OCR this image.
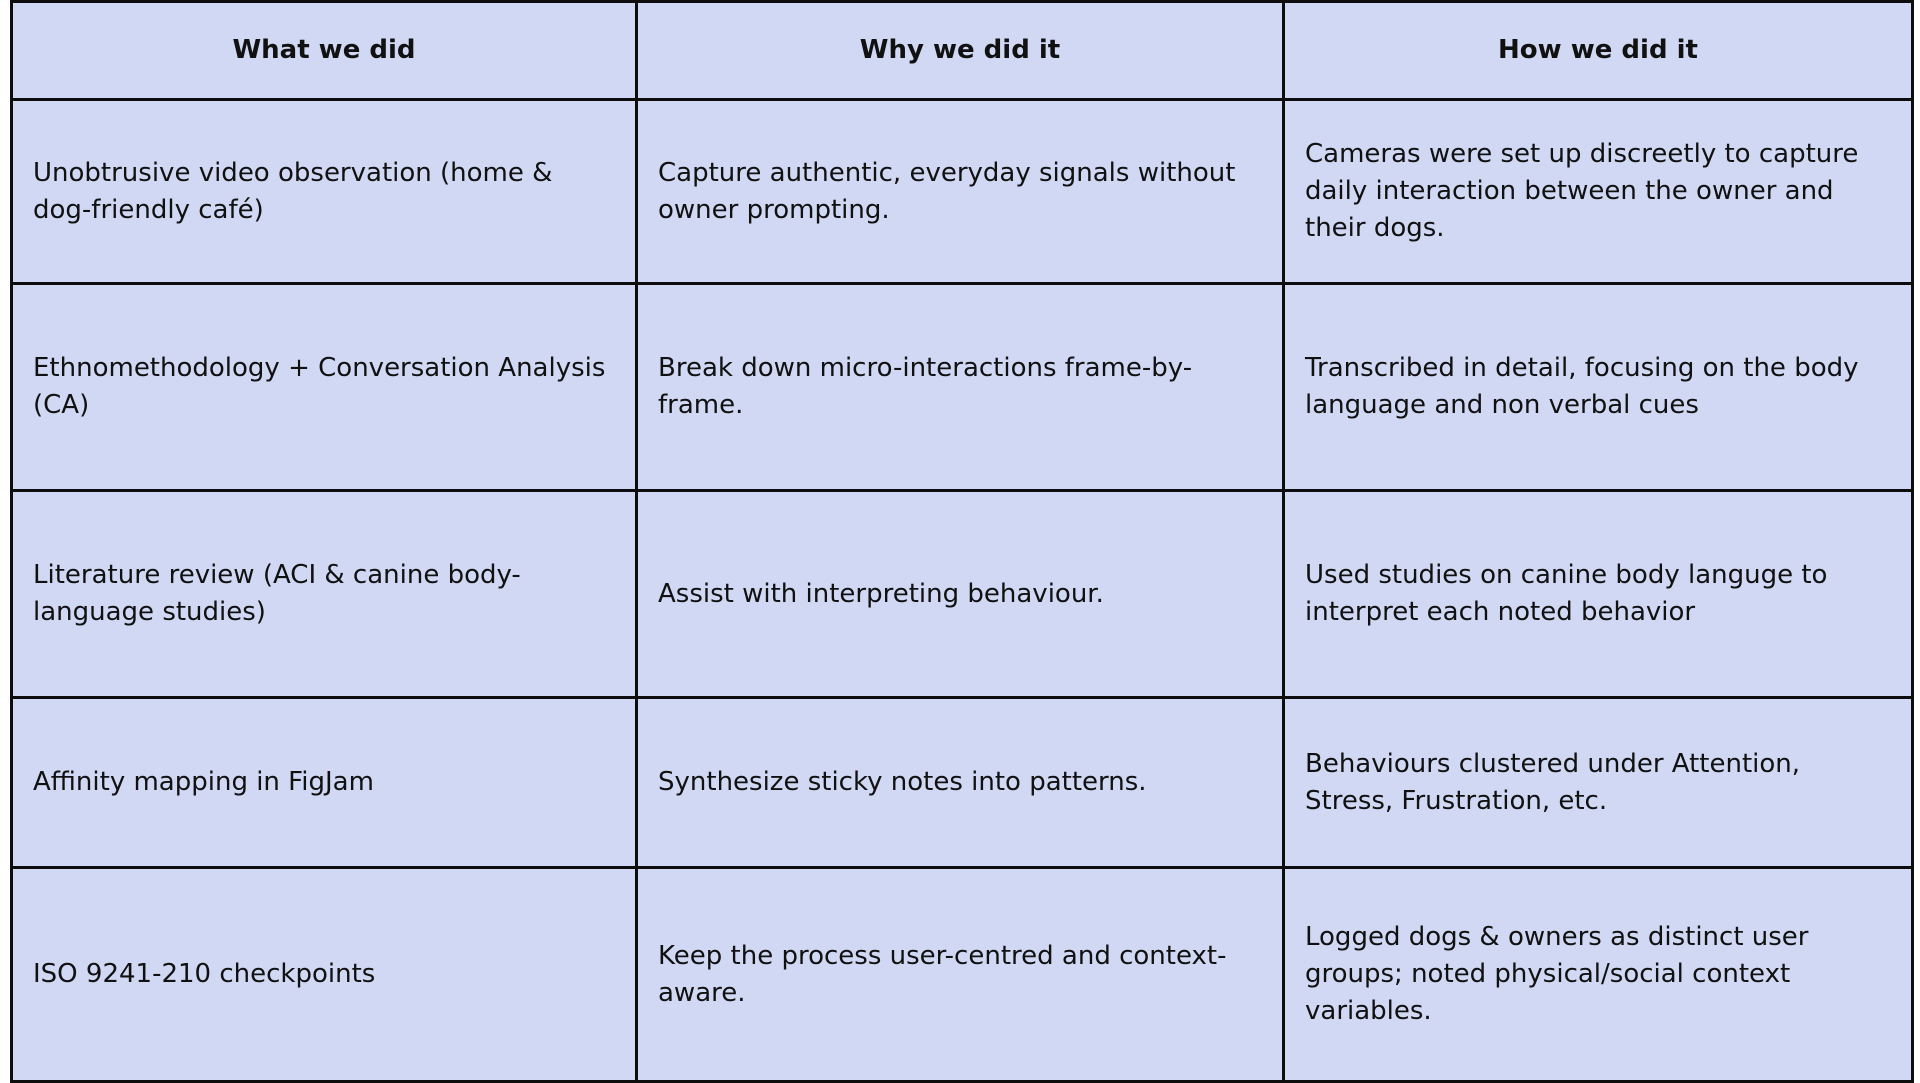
What we did	Why we did it	How we did it
Unobtrusive video observation (home & dog-friendly café)	Capture authentic, everyday signals without owner prompting.	Cameras were set up discreetly to capture daily interaction between the owner and their dogs.
Ethnomethodology + Conversation Analysis (CA)	Break down micro-interactions frame-by-frame.	Transcribed in detail, focusing on the body language and non verbal cues
Literature review (ACI & canine body-language studies)	Assist with interpreting behaviour.	Used studies on canine body languge to interpret each noted behavior
Affinity mapping in FigJam	Synthesize sticky notes into patterns.	Behaviours clustered under Attention, Stress, Frustration, etc.
ISO 9241-210 checkpoints	Keep the process user-centred and context-aware.	Logged dogs & owners as distinct user groups; noted physical/social context variables.
